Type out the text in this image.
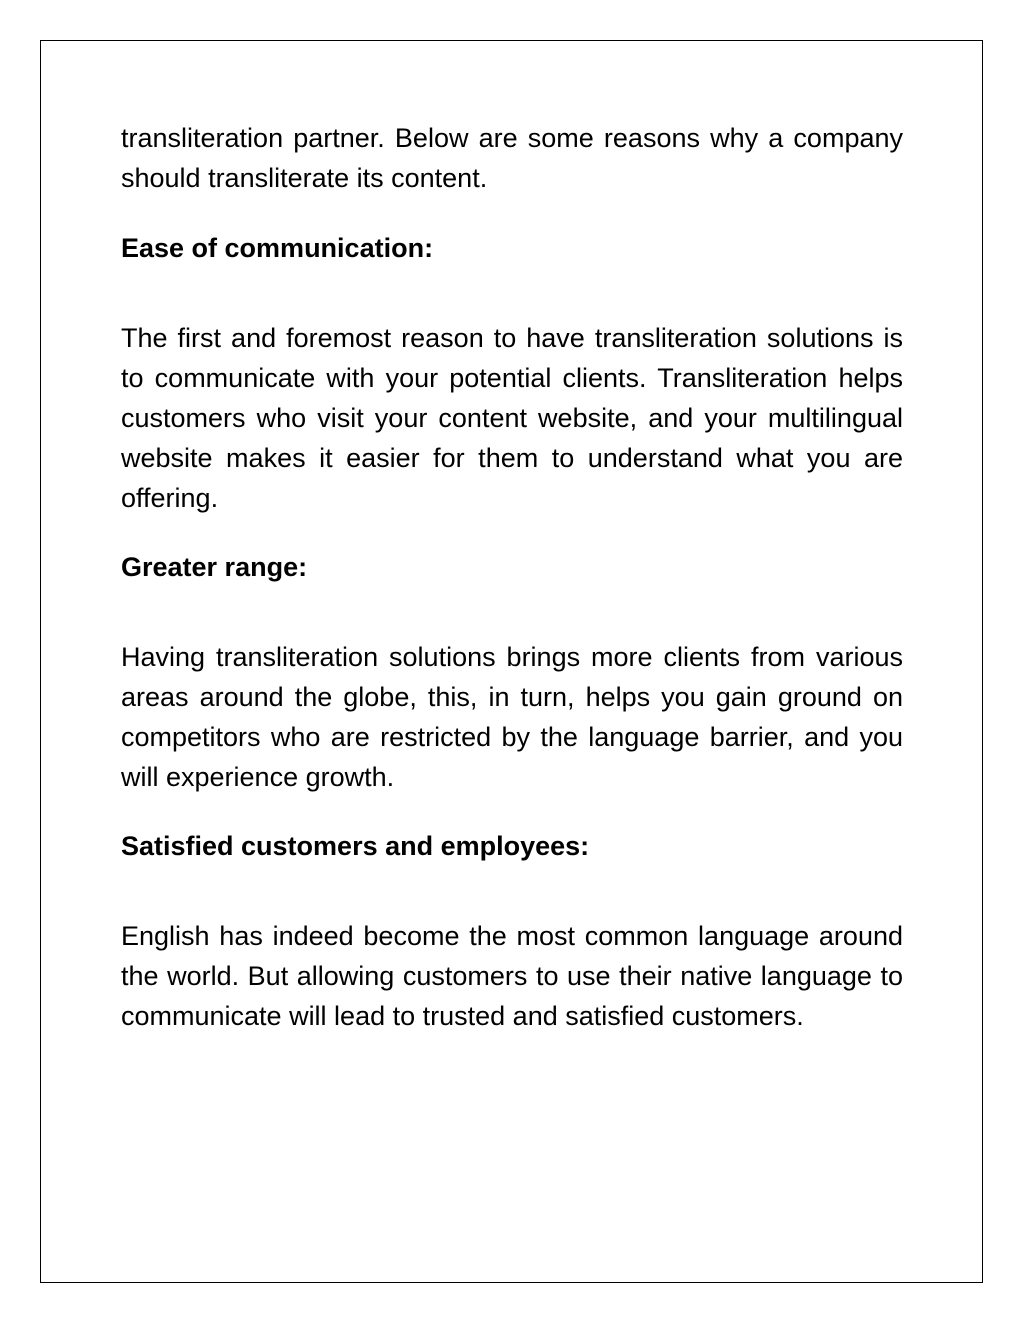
transliteration partner. Below are some reasons why a company should transliterate its content.

Ease of communication:

The first and foremost reason to have transliteration solutions is to communicate with your potential clients. Transliteration helps customers who visit your content website, and your multilingual website makes it easier for them to understand what you are offering.

Greater range:

Having transliteration solutions brings more clients from various areas around the globe, this, in turn, helps you gain ground on competitors who are restricted by the language barrier, and you will experience growth.

Satisfied customers and employees:

English has indeed become the most common language around the world. But allowing customers to use their native language to communicate will lead to trusted and satisfied customers.
